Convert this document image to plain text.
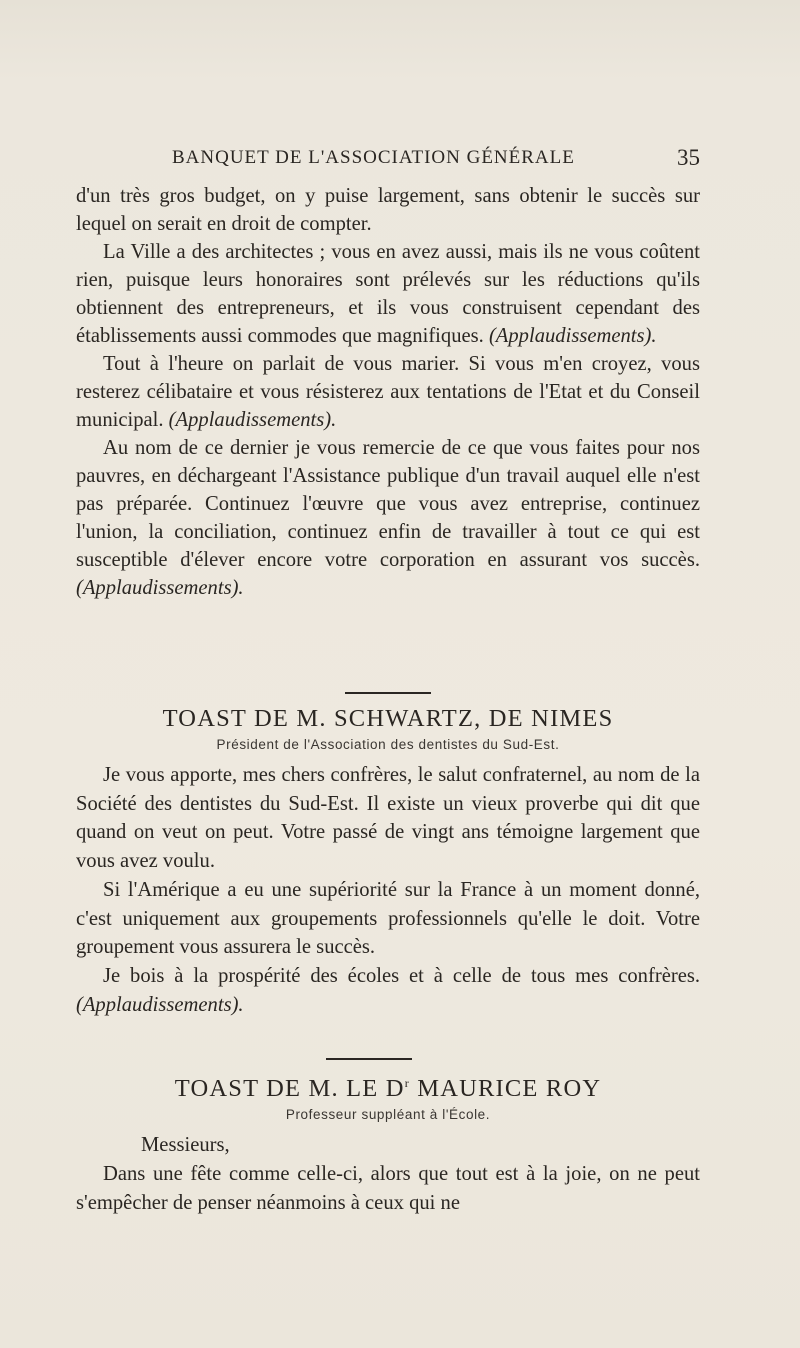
BANQUET DE L'ASSOCIATION GÉNÉRALE	35

d'un très gros budget, on y puise largement, sans obtenir le succès sur lequel on serait en droit de compter.

La Ville a des architectes ; vous en avez aussi, mais ils ne vous coûtent rien, puisque leurs honoraires sont prélevés sur les réductions qu'ils obtiennent des entrepreneurs, et ils vous construisent cependant des établissements aussi commodes que magnifiques. (Applaudissements).

Tout à l'heure on parlait de vous marier. Si vous m'en croyez, vous resterez célibataire et vous résisterez aux tentations de l'Etat et du Conseil municipal. (Applaudissements).

Au nom de ce dernier je vous remercie de ce que vous faites pour nos pauvres, en déchargeant l'Assistance publique d'un travail auquel elle n'est pas préparée. Continuez l'œuvre que vous avez entreprise, continuez l'union, la conciliation, continuez enfin de travailler à tout ce qui est susceptible d'élever encore votre corporation en assurant vos succès. (Applaudissements).

TOAST DE M. SCHWARTZ, DE NIMES

Président de l'Association des dentistes du Sud-Est.

Je vous apporte, mes chers confrères, le salut confraternel, au nom de la Société des dentistes du Sud-Est. Il existe un vieux proverbe qui dit que quand on veut on peut. Votre passé de vingt ans témoigne largement que vous avez voulu.

Si l'Amérique a eu une supériorité sur la France à un moment donné, c'est uniquement aux groupements professionnels qu'elle le doit. Votre groupement vous assurera le succès.

Je bois à la prospérité des écoles et à celle de tous mes confrères. (Applaudissements).

TOAST DE M. LE $D^r$ MAURICE ROY

Professeur suppléant à l'École.

Messieurs,

Dans une fête comme celle-ci, alors que tout est à la joie, on ne peut s'empêcher de penser néanmoins à ceux qui ne
